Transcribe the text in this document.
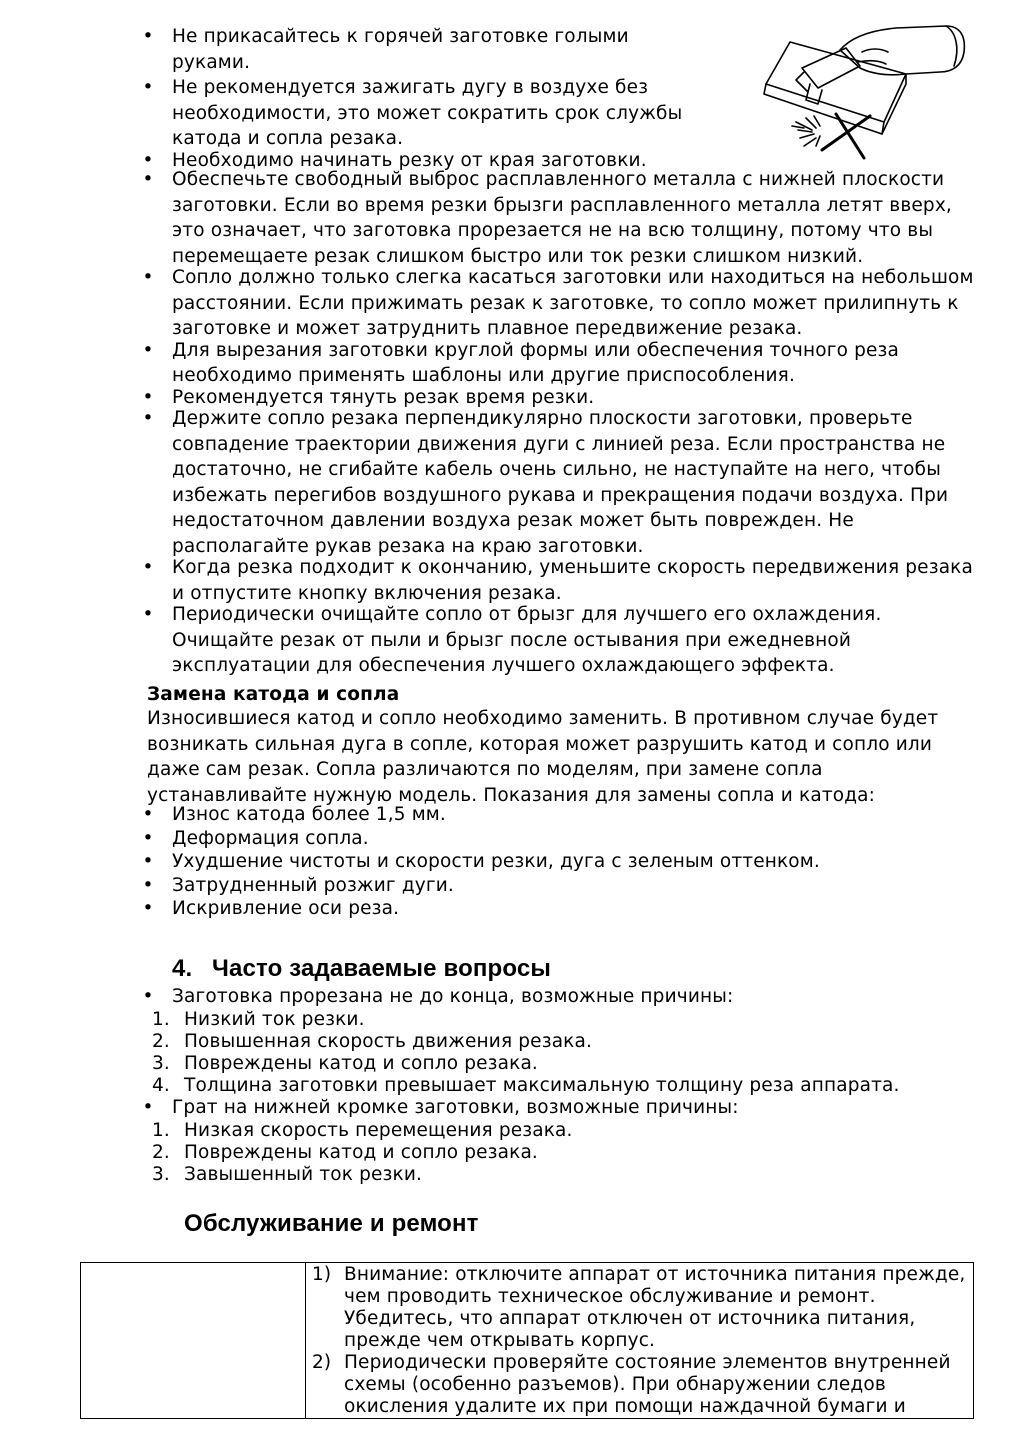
• Не прикасайтесь к горячей заготовке голыми руками.
• Не рекомендуется зажигать дугу в воздухе без необходимости, это может сократить срок службы катода и сопла резака.
• Необходимо начинать резку от края заготовки.
• Обеспечьте свободный выброс расплавленного металла с нижней плоскости заготовки. Если во время резки брызги расплавленного металла летят вверх, это означает, что заготовка прорезается не на всю толщину, потому что вы перемещаете резак слишком быстро или ток резки слишком низкий.
• Сопло должно только слегка касаться заготовки или находиться на небольшом расстоянии. Если прижимать резак к заготовке, то сопло может прилипнуть к заготовке и может затруднить плавное передвижение резака.
• Для вырезания заготовки круглой формы или обеспечения точного реза необходимо применять шаблоны или другие приспособления.
• Рекомендуется тянуть резак время резки.
• Держите сопло резака перпендикулярно плоскости заготовки, проверьте совпадение траектории движения дуги с линией реза. Если пространства не достаточно, не сгибайте кабель очень сильно, не наступайте на него, чтобы избежать перегибов воздушного рукава и прекращения подачи воздуха. При недостаточном давлении воздуха резак может быть поврежден. Не располагайте рукав резака на краю заготовки.
• Когда резка подходит к окончанию, уменьшите скорость передвижения резака и отпустите кнопку включения резака.
• Периодически очищайте сопло от брызг для лучшего его охлаждения. Очищайте резак от пыли и брызг после остывания при ежедневной эксплуатации для обеспечения лучшего охлаждающего эффекта.
Замена катода и сопла
Износившиеся катод и сопло необходимо заменить. В противном случае будет возникать сильная дуга в сопле, которая может разрушить катод и сопло или даже сам резак. Сопла различаются по моделям, при замене сопла устанавливайте нужную модель. Показания для замены сопла и катода:
• Износ катода более 1,5 мм.
• Деформация сопла.
• Ухудшение чистоты и скорости резки, дуга с зеленым оттенком.
• Затрудненный розжиг дуги.
• Искривление оси реза.
4. Часто задаваемые вопросы
• Заготовка прорезана не до конца, возможные причины:
1. Низкий ток резки.
2. Повышенная скорость движения резака.
3. Повреждены катод и сопло резака.
4. Толщина заготовки превышает максимальную толщину реза аппарата.
• Грат на нижней кромке заготовки, возможные причины:
1. Низкая скорость перемещения резака.
2. Повреждены катод и сопло резака.
3. Завышенный ток резки.
Обслуживание и ремонт

1) Внимание: отключите аппарат от источника питания прежде, чем проводить техническое обслуживание и ремонт. Убедитесь, что аппарат отключен от источника питания, прежде чем открывать корпус.
2) Периодически проверяйте состояние элементов внутренней схемы (особенно разъемов). При обнаружении следов окисления удалите их при помощи наждачной бумаги и
